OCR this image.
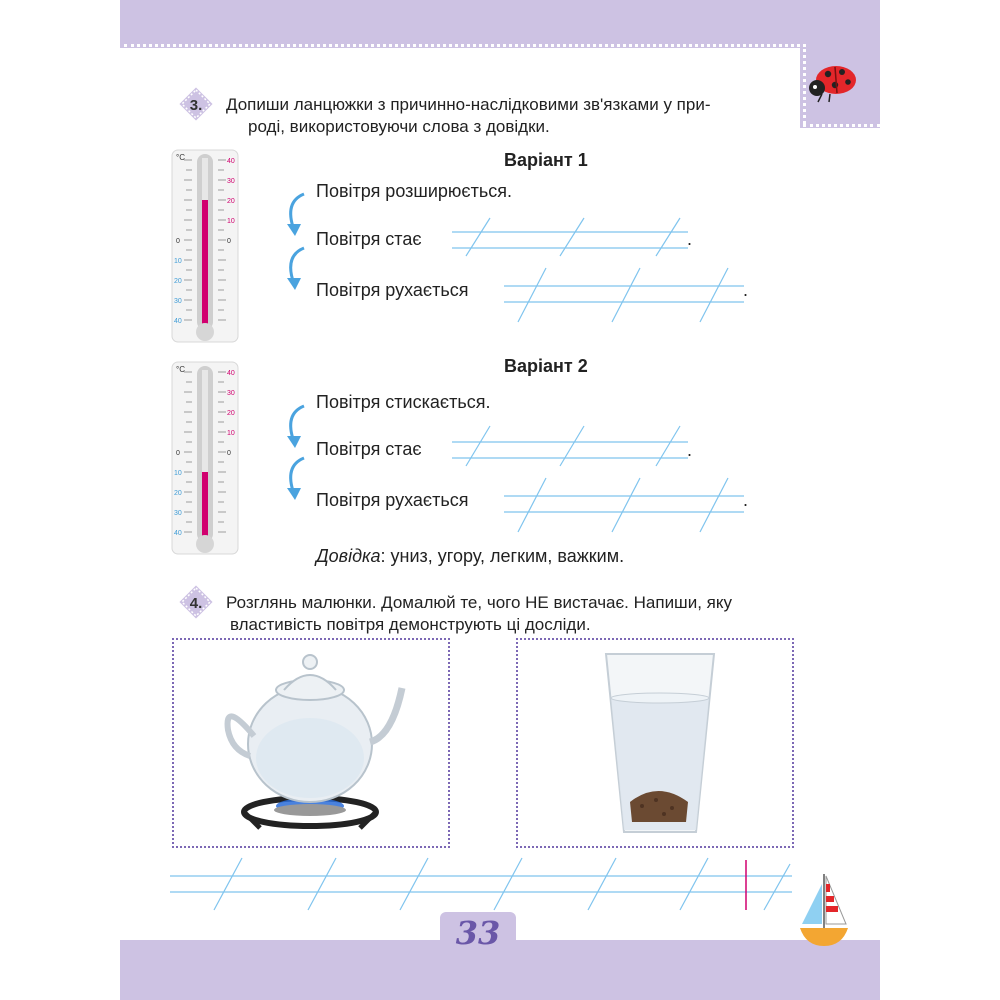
3. Допиши ланцюжки з причинно-наслідковими зв'язками у при-
роді, використовуючи слова з довідки.
°C	40
30
20
10
0
0
10
20
30
40
Варіант 1
Повітря розширюється.
Повітря стає
Повітря рухається
.
.
°C	40
30
20
10
0
0
10
20
30
40
Варіант 2
Повітря стискається.
Повітря стає
Повітря рухається
.
.
Довідка: униз, угору, легким, важким.
4. Розглянь малюнки. Домалюй те, чого НЕ вистачає. Напиши, яку
властивість повітря демонструють ці досліди.
33
